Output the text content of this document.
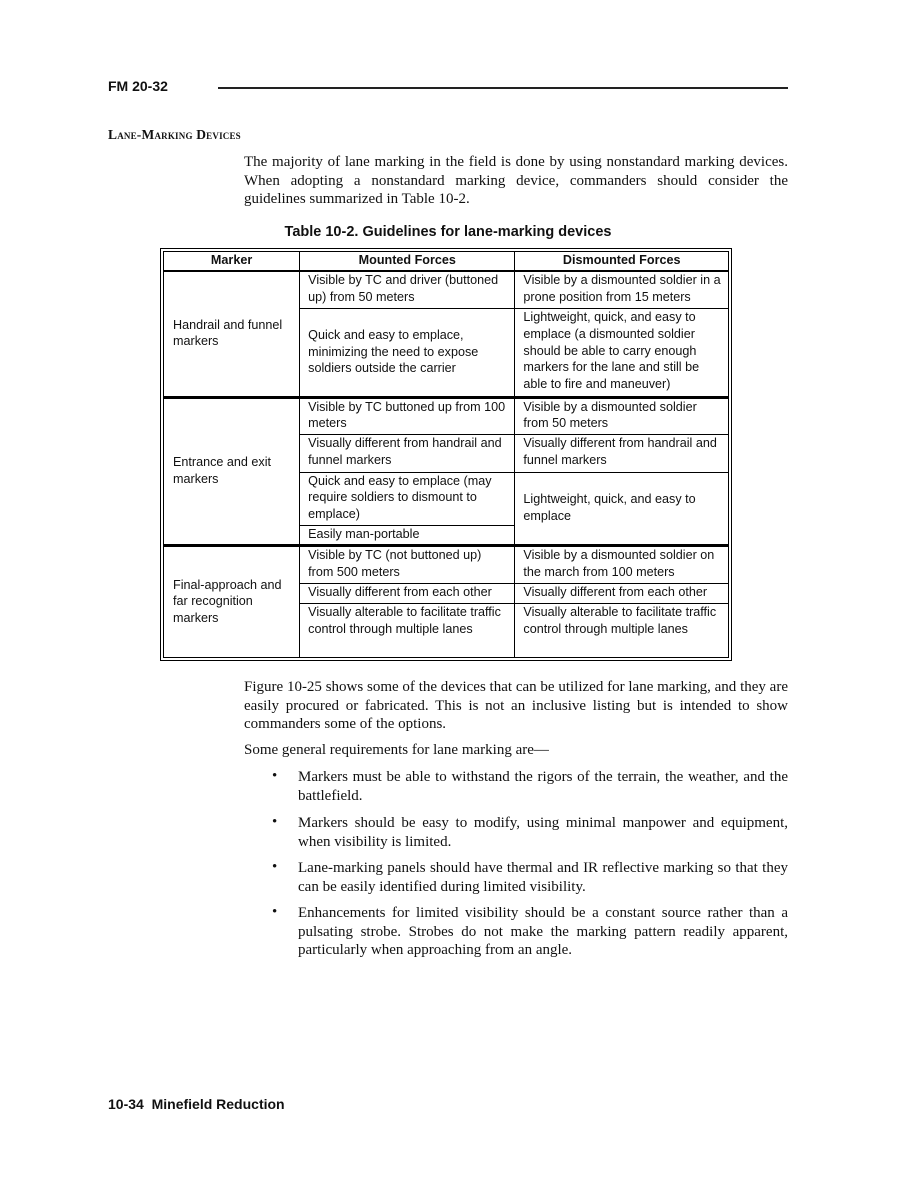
FM 20-32
Lane-Marking Devices
The majority of lane marking in the field is done by using nonstandard marking devices. When adopting a nonstandard marking device, commanders should consider the guidelines summarized in Table 10-2.
Table 10-2. Guidelines for lane-marking devices
Marker	Mounted Forces	Dismounted Forces
Handrail and funnel markers	Visible by TC and driver (buttoned up) from 50 meters	Visible by a dismounted soldier in a prone position from 15 meters
	Quick and easy to emplace, minimizing the need to expose soldiers outside the carrier	Lightweight, quick, and easy to emplace (a dismounted soldier should be able to carry enough markers for the lane and still be able to fire and maneuver)
Entrance and exit markers	Visible by TC buttoned up from 100 meters	Visible by a dismounted soldier from 50 meters
	Visually different from handrail and funnel markers	Visually different from handrail and funnel markers
	Quick and easy to emplace (may require soldiers to dismount to emplace)	Lightweight, quick, and easy to emplace
	Easily man-portable	
Final-approach and far recognition markers	Visible by TC (not buttoned up) from 500 meters	Visible by a dismounted soldier on the march from 100 meters
	Visually different from each other	Visually different from each other
	Visually alterable to facilitate traffic control through multiple lanes	Visually alterable to facilitate traffic control through multiple lanes
Figure 10-25 shows some of the devices that can be utilized for lane marking, and they are easily procured or fabricated. This is not an inclusive listing but is intended to show commanders some of the options.
Some general requirements for lane marking are—
• Markers must be able to withstand the rigors of the terrain, the weather, and the battlefield.
• Markers should be easy to modify, using minimal manpower and equipment, when visibility is limited.
• Lane-marking panels should have thermal and IR reflective marking so that they can be easily identified during limited visibility.
• Enhancements for limited visibility should be a constant source rather than a pulsating strobe. Strobes do not make the marking pattern readily apparent, particularly when approaching from an angle.
10-34 Minefield Reduction
